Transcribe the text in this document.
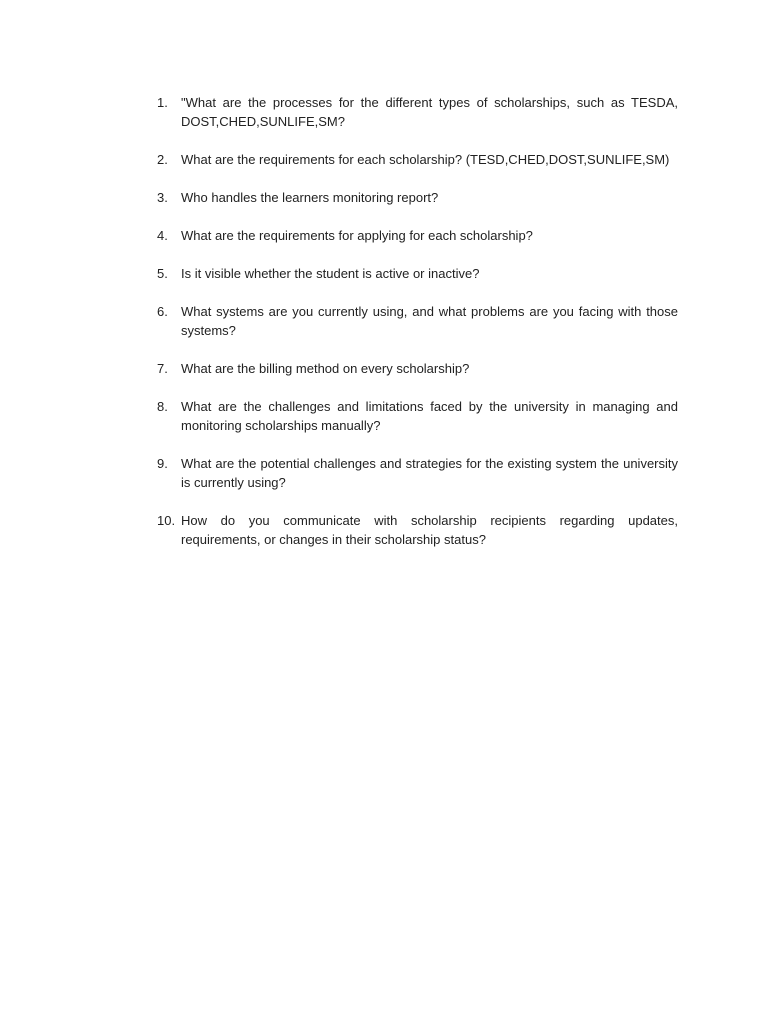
1.	"What are the processes for the different types of scholarships, such as TESDA, DOST,CHED,SUNLIFE,SM?
2.	What are the requirements for each scholarship? (TESD,CHED,DOST,SUNLIFE,SM)
3.	Who handles the learners monitoring report?
4.	What are the requirements for applying for each scholarship?
5.	Is it visible whether the student is active or inactive?
6.	What systems are you currently using, and what problems are you facing with those systems?
7.	What are the billing method on every scholarship?
8.	What are the challenges and limitations faced by the university in managing and monitoring scholarships manually?
9.	What are the potential challenges and strategies for the existing system the university is currently using?
10. How do you communicate with scholarship recipients regarding updates, requirements, or changes in their scholarship status?
